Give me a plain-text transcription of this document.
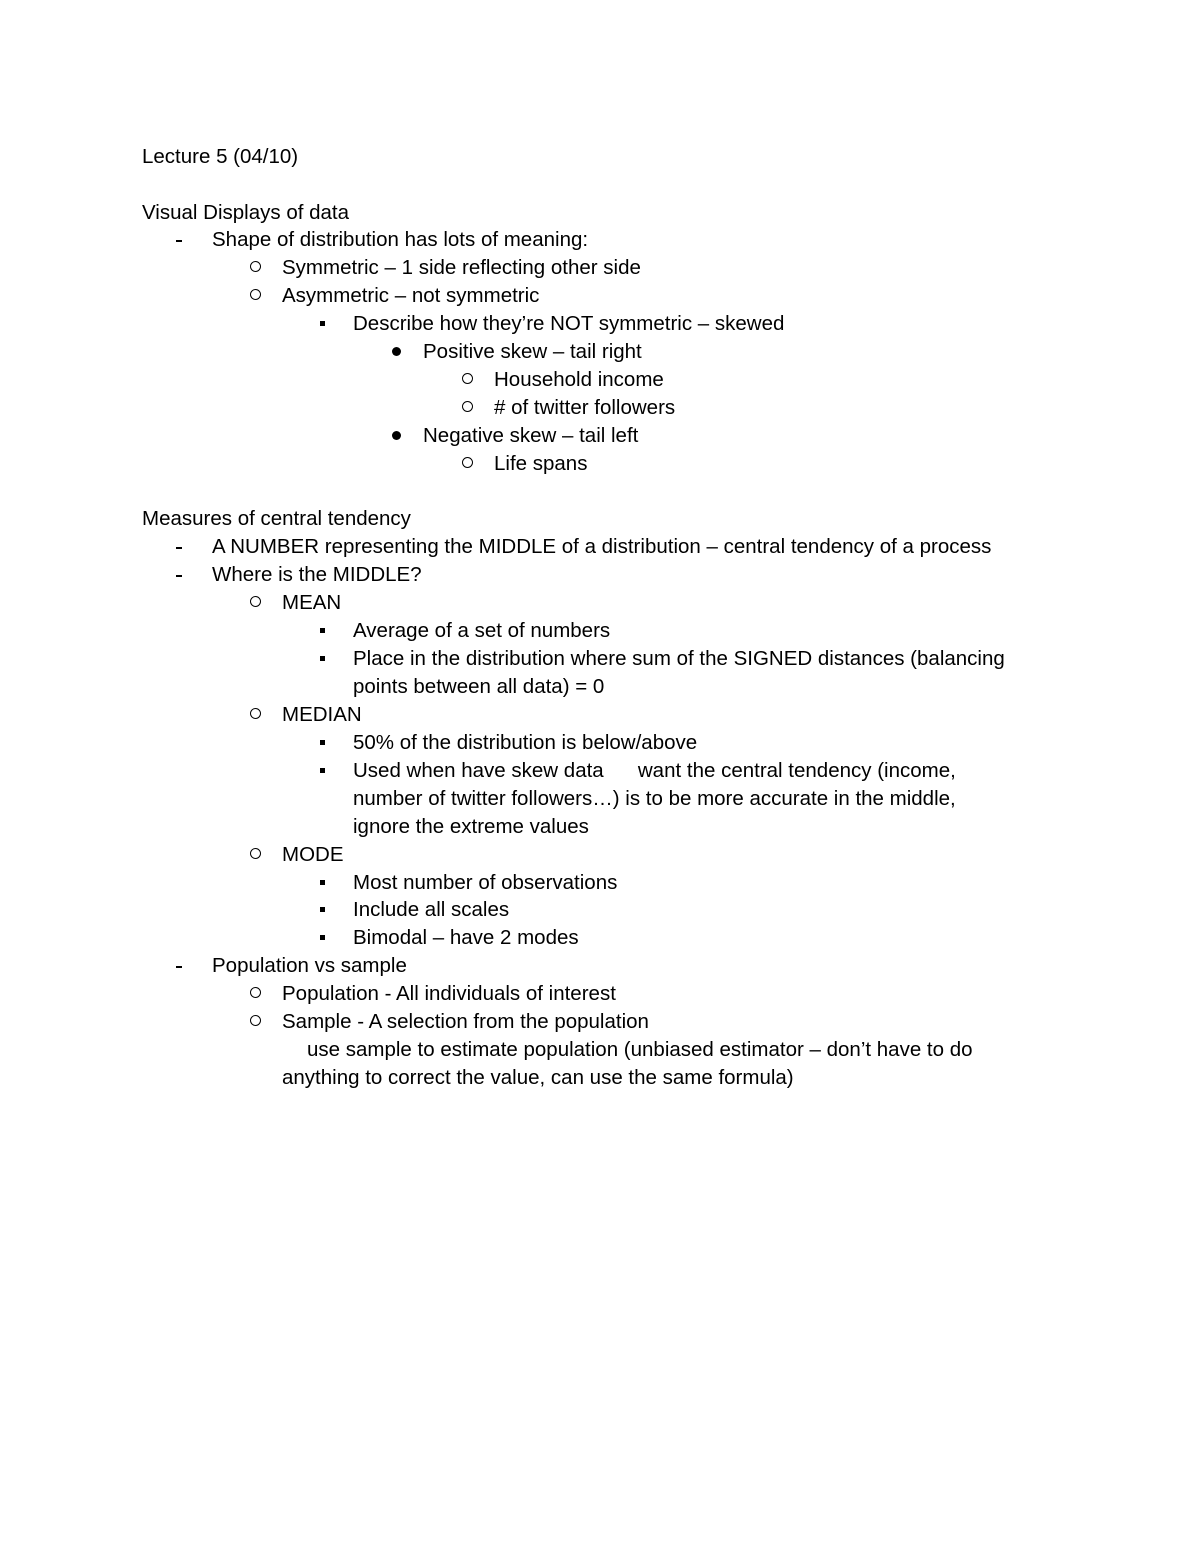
Lecture 5 (04/10)
Visual Displays of data
Shape of distribution has lots of meaning:
Symmetric – 1 side reflecting other side
Asymmetric – not symmetric
Describe how they’re NOT symmetric – skewed
Positive skew – tail right
Household income
# of twitter followers
Negative skew – tail left
Life spans
Measures of central tendency
A NUMBER representing the MIDDLE of a distribution – central tendency of a process
Where is the MIDDLE?
MEAN
Average of a set of numbers
Place in the distribution where sum of the SIGNED distances (balancing
points between all data) = 0
MEDIAN
50% of the distribution is below/above
Used when have skew data      want the central tendency (income,
number of twitter followers…) is to be more accurate in the middle,
ignore the extreme values
MODE
Most number of observations
Include all scales
Bimodal – have 2 modes
Population vs sample
Population - All individuals of interest
Sample - A selection from the population
use sample to estimate population (unbiased estimator – don’t have to do
anything to correct the value, can use the same formula)
